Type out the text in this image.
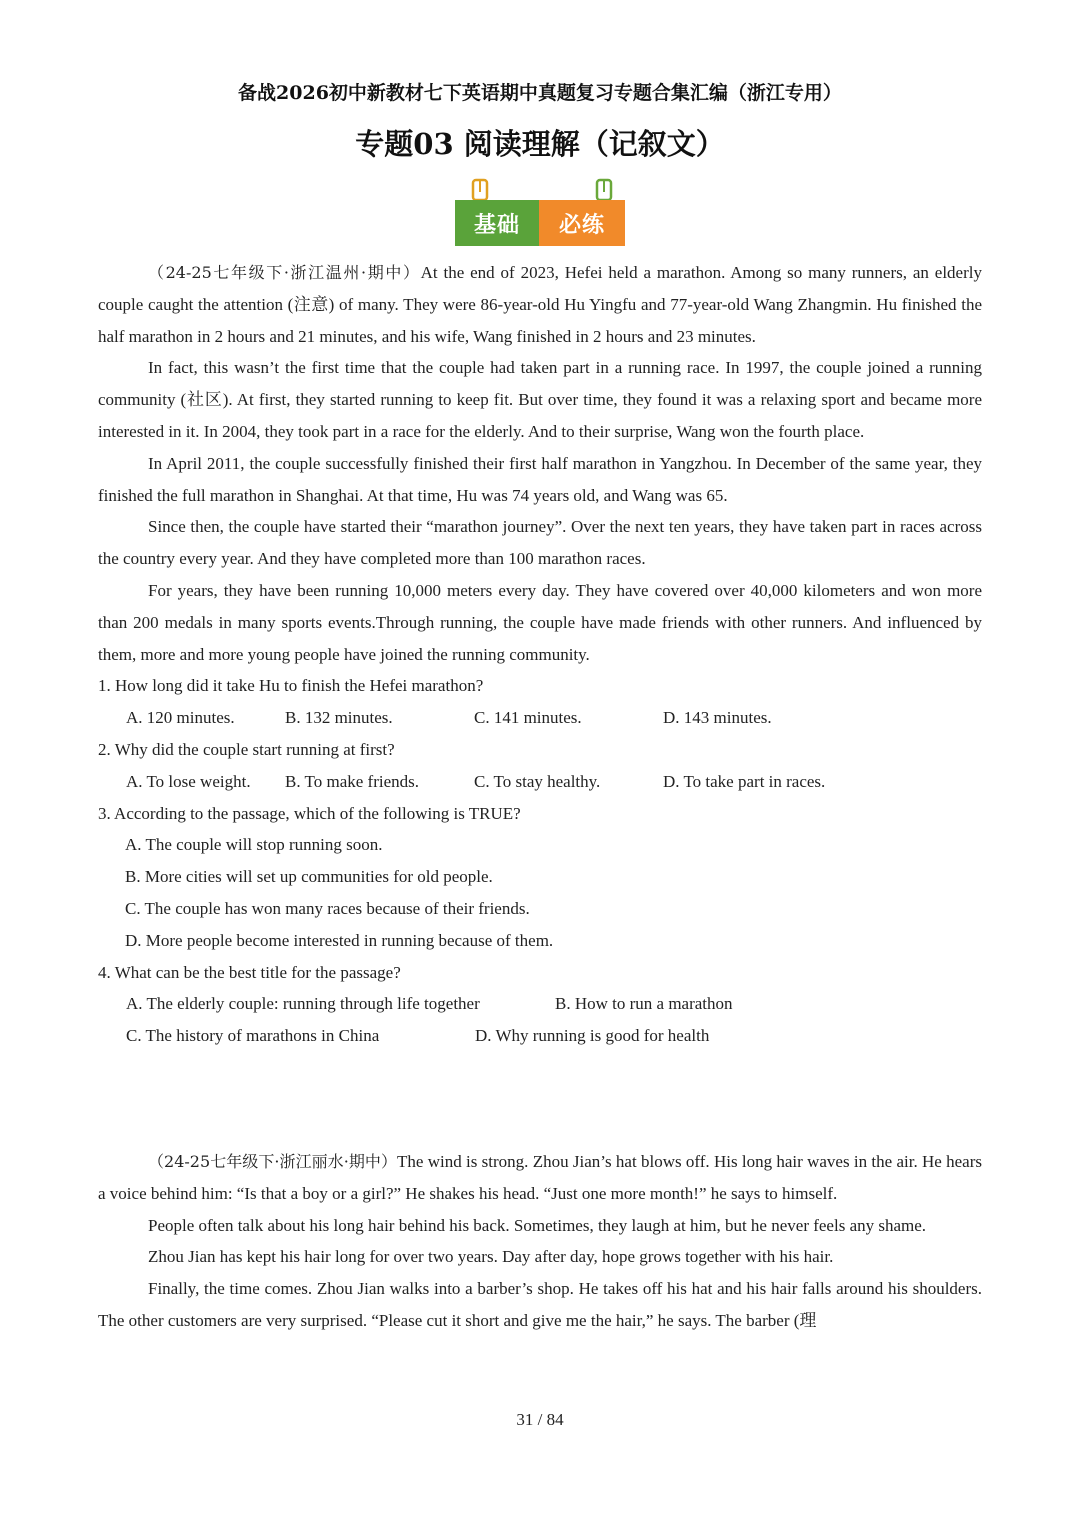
备战2026初中新教材七下英语期中真题复习专题合集汇编（浙江专用）
专题03 阅读理解（记叙文）
基础	必练

（24-25七年级下·浙江温州·期中）At the end of 2023, Hefei held a marathon. Among so many runners, an elderly couple caught the attention (注意) of many. They were 86-year-old Hu Yingfu and 77-year-old Wang Zhangmin. Hu finished the half marathon in 2 hours and 21 minutes, and his wife, Wang finished in 2 hours and 23 minutes.

In fact, this wasn’t the first time that the couple had taken part in a running race. In 1997, the couple joined a running community (社区). At first, they started running to keep fit. But over time, they found it was a relaxing sport and became more interested in it. In 2004, they took part in a race for the elderly. And to their surprise, Wang won the fourth place.

In April 2011, the couple successfully finished their first half marathon in Yangzhou. In December of the same year, they finished the full marathon in Shanghai. At that time, Hu was 74 years old, and Wang was 65.

Since then, the couple have started their “marathon journey”. Over the next ten years, they have taken part in races across the country every year. And they have completed more than 100 marathon races.

For years, they have been running 10,000 meters every day. They have covered over 40,000 kilometers and won more than 200 medals in many sports events.Through running, the couple have made friends with other runners. And influenced by them, more and more young people have joined the running community.

1. How long did it take Hu to finish the Hefei marathon?

A. 120 minutes.	B. 132 minutes.	C. 141 minutes.	D. 143 minutes.

2. Why did the couple start running at first?

A. To lose weight.	B. To make friends.	C. To stay healthy.	D. To take part in races.

3. According to the passage, which of the following is TRUE?

A. The couple will stop running soon.

B. More cities will set up communities for old people.

C. The couple has won many races because of their friends.

D. More people become interested in running because of them.

4. What can be the best title for the passage?

A. The elderly couple: running through life together	B. How to run a marathon
C. The history of marathons in China	D. Why running is good for health

（24-25七年级下·浙江丽水·期中）The wind is strong. Zhou Jian’s hat blows off. His long hair waves in the air. He hears a voice behind him: “Is that a boy or a girl?” He shakes his head. “Just one more month!” he says to himself.

People often talk about his long hair behind his back. Sometimes, they laugh at him, but he never feels any shame.

Zhou Jian has kept his hair long for over two years. Day after day, hope grows together with his hair.

Finally, the time comes. Zhou Jian walks into a barber’s shop. He takes off his hat and his hair falls around his shoulders. The other customers are very surprised. “Please cut it short and give me the hair,” he says. The barber (理

31 / 84
